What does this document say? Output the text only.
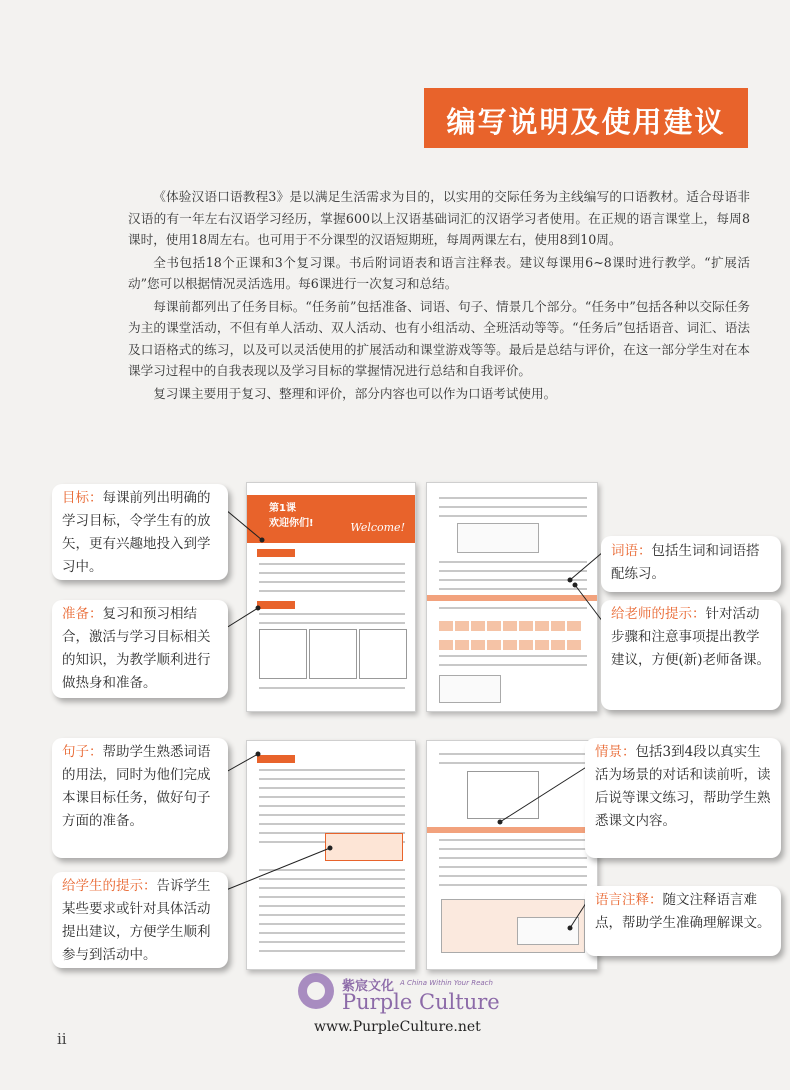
编写说明及使用建议

《体验汉语口语教程3》是以满足生活需求为目的，以实用的交际任务为主线编写的口语教材。适合母语非汉语的有一年左右汉语学习经历，掌握600以上汉语基础词汇的汉语学习者使用。在正规的语言课堂上，每周8课时，使用18周左右。也可用于不分课型的汉语短期班，每周两课左右，使用8到10周。

全书包括18个正课和3个复习课。书后附词语表和语言注释表。建议每课用6~8课时进行教学。“扩展活动”您可以根据情况灵活选用。每6课进行一次复习和总结。

每课前都列出了任务目标。“任务前”包括准备、词语、句子、情景几个部分。“任务中”包括各种以交际任务为主的课堂活动，不但有单人活动、双人活动、也有小组活动、全班活动等等。“任务后”包括语音、词汇、语法及口语格式的练习，以及可以灵活使用的扩展活动和课堂游戏等等。最后是总结与评价，在这一部分学生对在本课学习过程中的自我表现以及学习目标的掌握情况进行总结和自我评价。

复习课主要用于复习、整理和评价，部分内容也可以作为口语考试使用。

第1课
欢迎你们!	Welcome!

目标：每课前列出明确的学习目标，令学生有的放矢，更有兴趣地投入到学习中。
准备：复习和预习相结合，激活与学习目标相关的知识，为教学顺利进行做热身和准备。
词语：包括生词和词语搭配练习。
给老师的提示：针对活动步骤和注意事项提出教学建议，方便(新)老师备课。
句子：帮助学生熟悉词语的用法，同时为他们完成本课目标任务，做好句子方面的准备。
给学生的提示：告诉学生某些要求或针对具体活动提出建议，方便学生顺利参与到活动中。
情景：包括3到4段以真实生活为场景的对话和读前听，读后说等课文练习，帮助学生熟悉课文内容。
语言注释：随文注释语言难点，帮助学生准确理解课文。
紫宸文化 A China Within Your Reach
Purple Culture
www.PurpleCulture.net
ii
